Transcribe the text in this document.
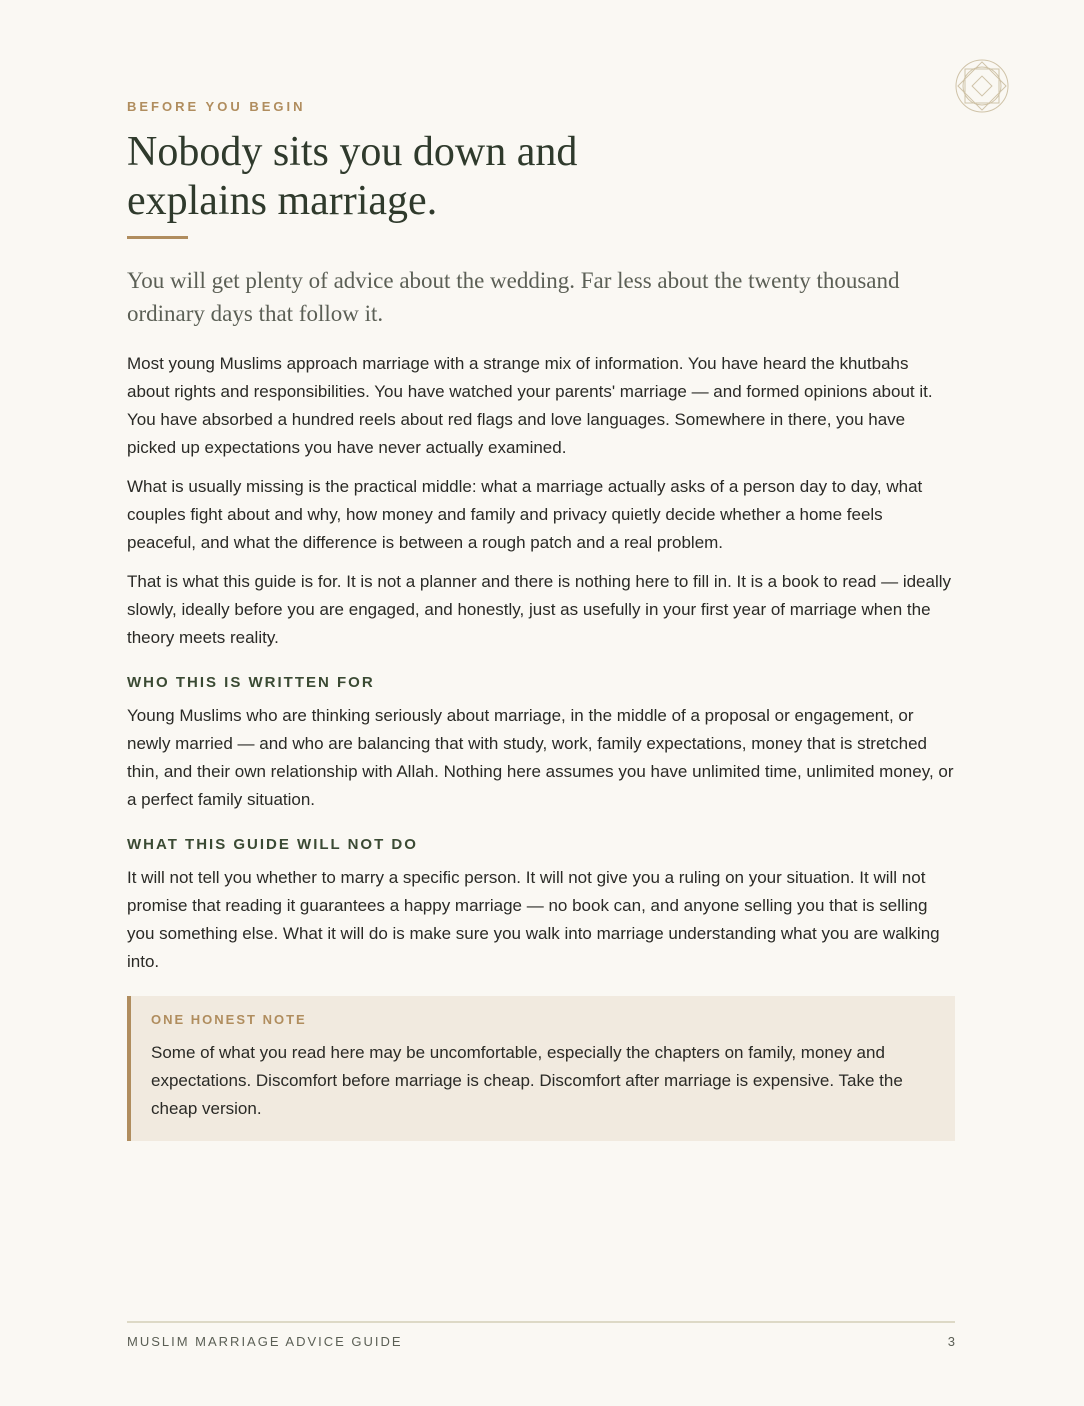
BEFORE YOU BEGIN
Nobody sits you down and explains marriage.

You will get plenty of advice about the wedding. Far less about the twenty thousand ordinary days that follow it.

Most young Muslims approach marriage with a strange mix of information. You have heard the khutbahs about rights and responsibilities. You have watched your parents' marriage — and formed opinions about it. You have absorbed a hundred reels about red flags and love languages. Somewhere in there, you have picked up expectations you have never actually examined.

What is usually missing is the practical middle: what a marriage actually asks of a person day to day, what couples fight about and why, how money and family and privacy quietly decide whether a home feels peaceful, and what the difference is between a rough patch and a real problem.

That is what this guide is for. It is not a planner and there is nothing here to fill in. It is a book to read — ideally slowly, ideally before you are engaged, and honestly, just as usefully in your first year of marriage when the theory meets reality.

WHO THIS IS WRITTEN FOR

Young Muslims who are thinking seriously about marriage, in the middle of a proposal or engagement, or newly married — and who are balancing that with study, work, family expectations, money that is stretched thin, and their own relationship with Allah. Nothing here assumes you have unlimited time, unlimited money, or a perfect family situation.

WHAT THIS GUIDE WILL NOT DO

It will not tell you whether to marry a specific person. It will not give you a ruling on your situation. It will not promise that reading it guarantees a happy marriage — no book can, and anyone selling you that is selling you something else. What it will do is make sure you walk into marriage understanding what you are walking into.

ONE HONEST NOTE
Some of what you read here may be uncomfortable, especially the chapters on family, money and expectations. Discomfort before marriage is cheap. Discomfort after marriage is expensive. Take the cheap version.
MUSLIM MARRIAGE ADVICE GUIDE	3
